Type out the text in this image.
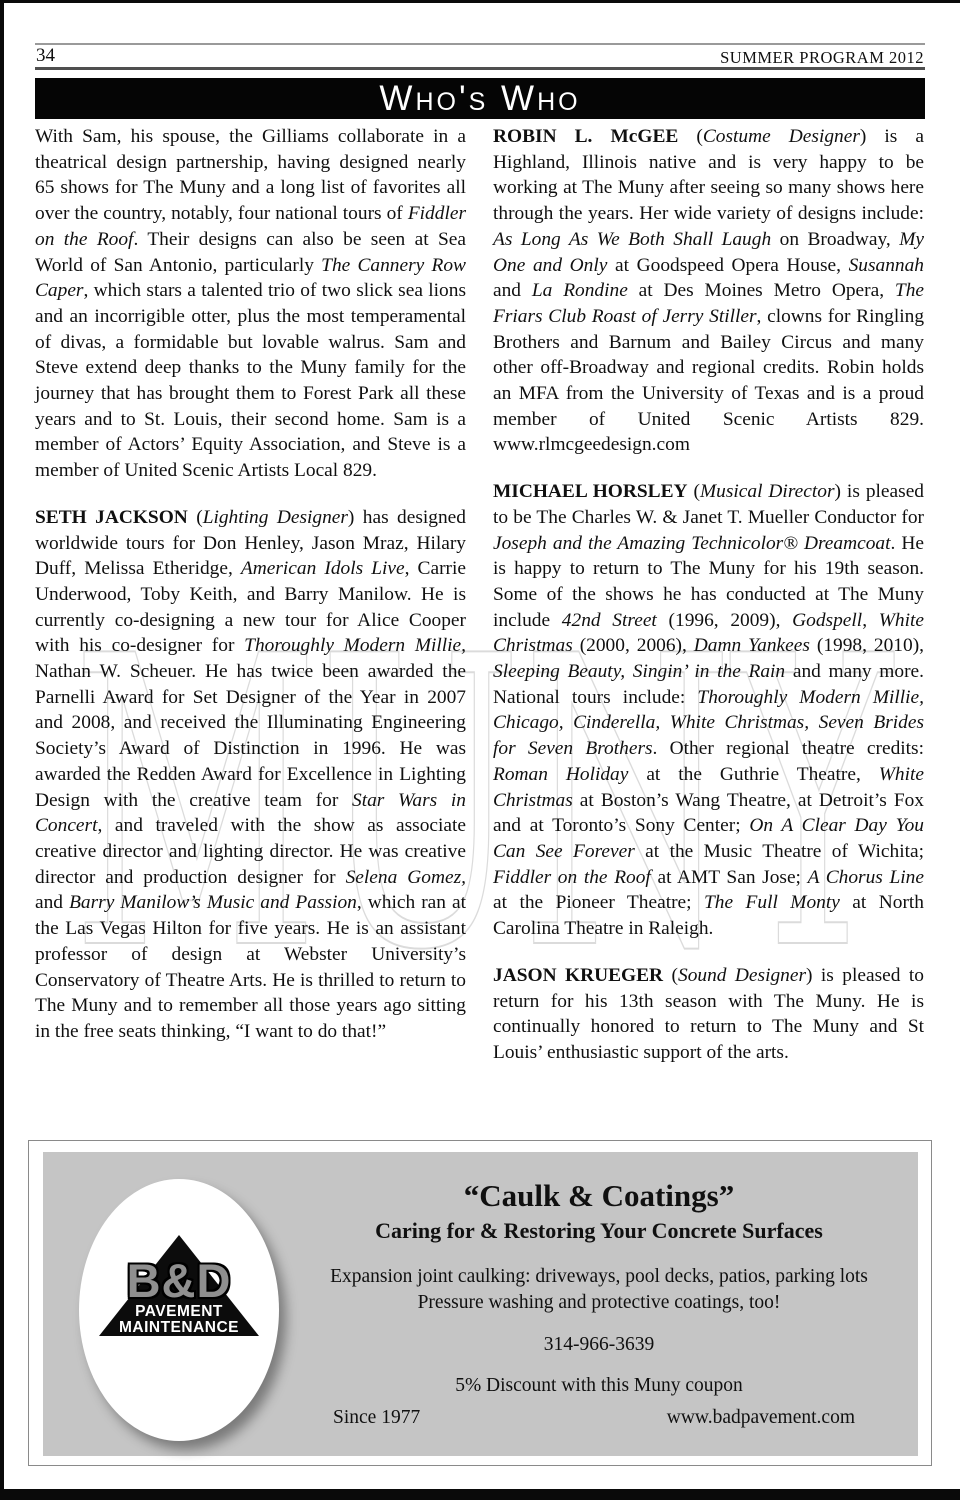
34	SUMMER PROGRAM 2012
Who's Who
MUNY

With Sam, his spouse, the Gilliams collaborate in a theatrical design partnership, having designed nearly 65 shows for The Muny and a long list of favorites all over the country, notably, four national tours of Fiddler on the Roof. Their designs can also be seen at Sea World of San Antonio, particularly The Cannery Row Caper, which stars a talented trio of two slick sea lions and an incorrigible otter, plus the most temperamental of divas, a formidable but lovable walrus. Sam and Steve extend deep thanks to the Muny family for the journey that has brought them to Forest Park all these years and to St. Louis, their second home. Sam is a member of Actors’ Equity Association, and Steve is a member of United Scenic Artists Local 829.

SETH JACKSON (Lighting Designer) has designed worldwide tours for Don Henley, Jason Mraz, Hilary Duff, Melissa Etheridge, American Idols Live, Carrie Underwood, Toby Keith, and Barry Manilow. He is currently co-designing a new tour for Alice Cooper with his co-designer for Thoroughly Modern Millie, Nathan W. Scheuer. He has twice been awarded the Parnelli Award for Set Designer of the Year in 2007 and 2008, and received the Illuminating Engineering Society’s Award of Distinction in 1996. He was awarded the Redden Award for Excellence in Lighting Design with the creative team for Star Wars in Concert, and traveled with the show as associate creative director and lighting director. He was creative director and production designer for Selena Gomez, and Barry Manilow’s Music and Passion, which ran at the Las Vegas Hilton for five years. He is an assistant professor of design at Webster University’s Conservatory of Theatre Arts. He is thrilled to return to The Muny and to remember all those years ago sitting in the free seats thinking, “I want to do that!”

ROBIN L. McGEE (Costume Designer) is a Highland, Illinois native and is very happy to be working at The Muny after seeing so many shows here through the years. Her wide variety of designs include: As Long As We Both Shall Laugh on Broadway, My One and Only at Goodspeed Opera House, Susannah and La Rondine at Des Moines Metro Opera, The Friars Club Roast of Jerry Stiller, clowns for Ringling Brothers and Barnum and Bailey Circus and many other off-Broadway and regional credits. Robin holds an MFA from the University of Texas and is a proud member of United Scenic Artists 829. www.rlmcgeedesign.com

MICHAEL HORSLEY (Musical Director) is pleased to be The Charles W. & Janet T. Mueller Conductor for Joseph and the Amazing Technicolor® Dreamcoat. He is happy to return to The Muny for his 19th season. Some of the shows he has conducted at The Muny include 42nd Street (1996, 2009), Godspell, White Christmas (2000, 2006), Damn Yankees (1998, 2010), Sleeping Beauty, Singin’ in the Rain and many more. National tours include: Thoroughly Modern Millie, Chicago, Cinderella, White Christmas, Seven Brides for Seven Brothers. Other regional theatre credits: Roman Holiday at the Guthrie Theatre, White Christmas at Boston’s Wang Theatre, at Detroit’s Fox and at Toronto’s Sony Center; On A Clear Day You Can See Forever at the Music Theatre of Wichita; Fiddler on the Roof at AMT San Jose; A Chorus Line at the Pioneer Theatre; The Full Monty at North Carolina Theatre in Raleigh.

JASON KRUEGER (Sound Designer) is pleased to return for his 13th season with The Muny. He is continually honored to return to The Muny and St Louis’ enthusiastic support of the arts.

B&D
PAVEMENT
MAINTENANCE
“Caulk & Coatings”
Caring for & Restoring Your Concrete Surfaces
Expansion joint caulking: driveways, pool decks, patios, parking lots
Pressure washing and protective coatings, too!
314-966-3639
5% Discount with this Muny coupon
Since 1977	www.badpavement.com
